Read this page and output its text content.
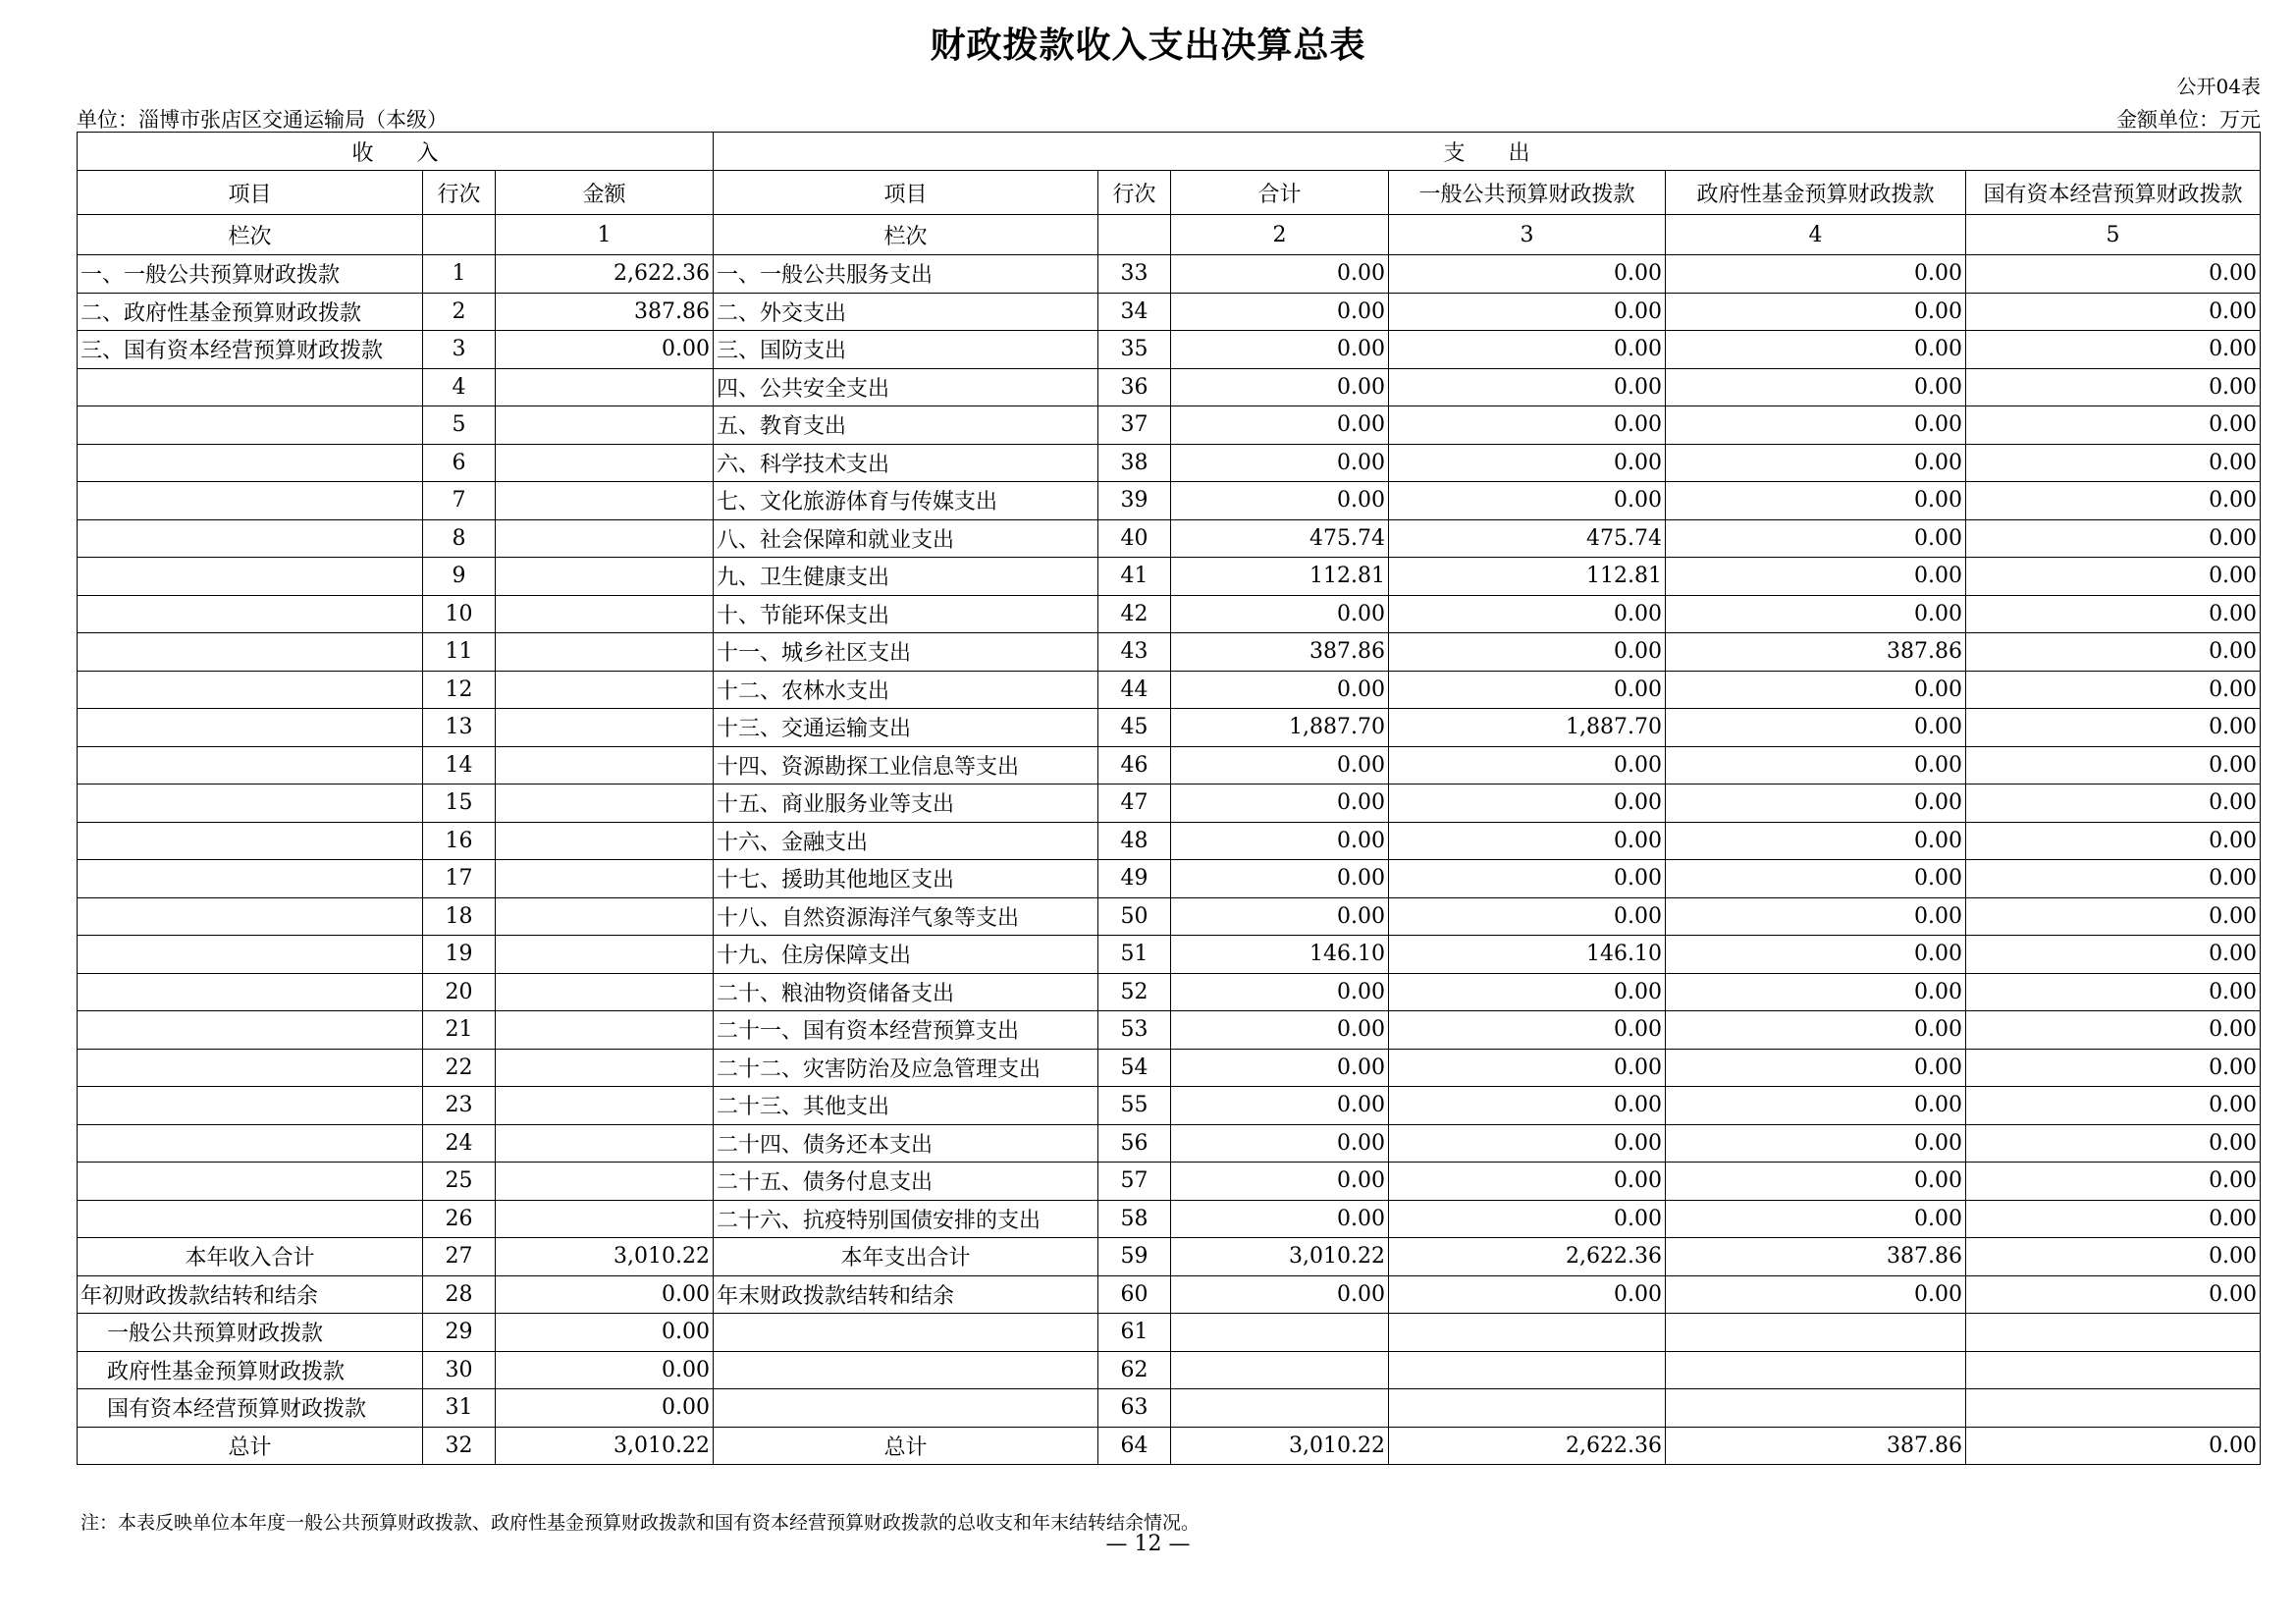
财政拨款收入支出决算总表
公开04表
单位：淄博市张店区交通运输局（本级）	金额单位：万元
收　　入			支　　出					
项目	行次	金额	项目	行次	合计	一般公共预算财政拨款	政府性基金预算财政拨款	国有资本经营预算财政拨款
栏次		1	栏次		2	3	4	5
一、一般公共预算财政拨款	1	2,622.36	一、一般公共服务支出	33	0.00	0.00	0.00	0.00
二、政府性基金预算财政拨款	2	387.86	二、外交支出	34	0.00	0.00	0.00	0.00
三、国有资本经营预算财政拨款	3	0.00	三、国防支出	35	0.00	0.00	0.00	0.00
	4		四、公共安全支出	36	0.00	0.00	0.00	0.00
	5		五、教育支出	37	0.00	0.00	0.00	0.00
	6		六、科学技术支出	38	0.00	0.00	0.00	0.00
	7		七、文化旅游体育与传媒支出	39	0.00	0.00	0.00	0.00
	8		八、社会保障和就业支出	40	475.74	475.74	0.00	0.00
	9		九、卫生健康支出	41	112.81	112.81	0.00	0.00
	10		十、节能环保支出	42	0.00	0.00	0.00	0.00
	11		十一、城乡社区支出	43	387.86	0.00	387.86	0.00
	12		十二、农林水支出	44	0.00	0.00	0.00	0.00
	13		十三、交通运输支出	45	1,887.70	1,887.70	0.00	0.00
	14		十四、资源勘探工业信息等支出	46	0.00	0.00	0.00	0.00
	15		十五、商业服务业等支出	47	0.00	0.00	0.00	0.00
	16		十六、金融支出	48	0.00	0.00	0.00	0.00
	17		十七、援助其他地区支出	49	0.00	0.00	0.00	0.00
	18		十八、自然资源海洋气象等支出	50	0.00	0.00	0.00	0.00
	19		十九、住房保障支出	51	146.10	146.10	0.00	0.00
	20		二十、粮油物资储备支出	52	0.00	0.00	0.00	0.00
	21		二十一、国有资本经营预算支出	53	0.00	0.00	0.00	0.00
	22		二十二、灾害防治及应急管理支出	54	0.00	0.00	0.00	0.00
	23		二十三、其他支出	55	0.00	0.00	0.00	0.00
	24		二十四、债务还本支出	56	0.00	0.00	0.00	0.00
	25		二十五、债务付息支出	57	0.00	0.00	0.00	0.00
	26		二十六、抗疫特别国债安排的支出	58	0.00	0.00	0.00	0.00
本年收入合计	27	3,010.22	本年支出合计	59	3,010.22	2,622.36	387.86	0.00
年初财政拨款结转和结余	28	0.00	年末财政拨款结转和结余	60	0.00	0.00	0.00	0.00
一般公共预算财政拨款	29	0.00		61				
政府性基金预算财政拨款	30	0.00		62				
国有资本经营预算财政拨款	31	0.00		63				
总计	32	3,010.22	总计	64	3,010.22	2,622.36	387.86	0.00
注：本表反映单位本年度一般公共预算财政拨款、政府性基金预算财政拨款和国有资本经营预算财政拨款的总收支和年末结转结余情况。
— 12 —
